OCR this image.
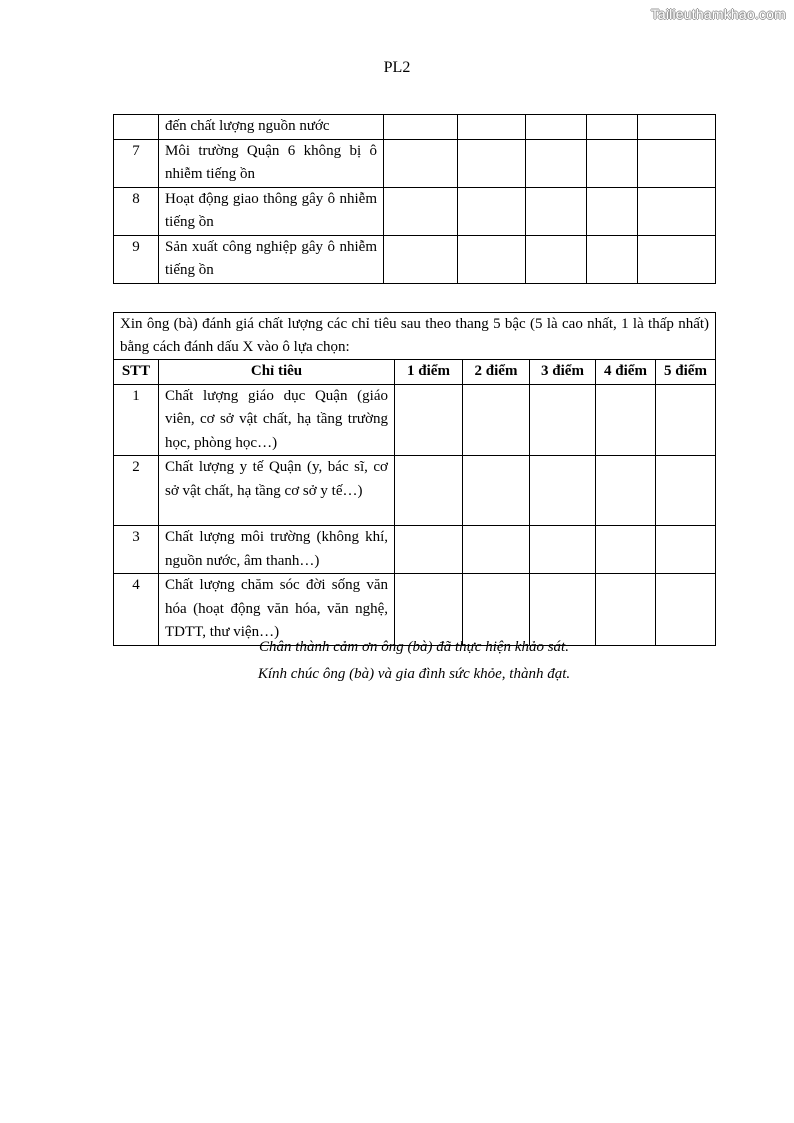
Tailieuthamkhao.com
PL2
	đến chất lượng nguồn nước					
7	Môi trường Quận 6 không bị ô nhiễm tiếng ồn					
8	Hoạt động giao thông gây ô nhiễm tiếng ồn					
9	Sản xuất công nghiệp gây ô nhiễm tiếng ồn					
Xin ông (bà) đánh giá chất lượng các chỉ tiêu sau theo thang 5 bậc (5 là cao nhất, 1 là thấp nhất) bằng cách đánh dấu X vào ô lựa chọn:						
STT	Chỉ tiêu	1 điểm	2 điểm	3 điểm	4 điểm	5 điểm
1	Chất lượng giáo dục Quận (giáo viên, cơ sở vật chất, hạ tầng trường học, phòng học…)					
2	Chất lượng y tế Quận (y, bác sĩ, cơ sở vật chất, hạ tầng cơ sở y tế…)					
3	Chất lượng môi trường (không khí, nguồn nước, âm thanh…)					
4	Chất lượng chăm sóc đời sống văn hóa (hoạt động văn hóa, văn nghệ, TDTT, thư viện…)					
Chân thành cảm ơn ông (bà) đã thực hiện khảo sát.
Kính chúc ông (bà) và gia đình sức khỏe, thành đạt.
